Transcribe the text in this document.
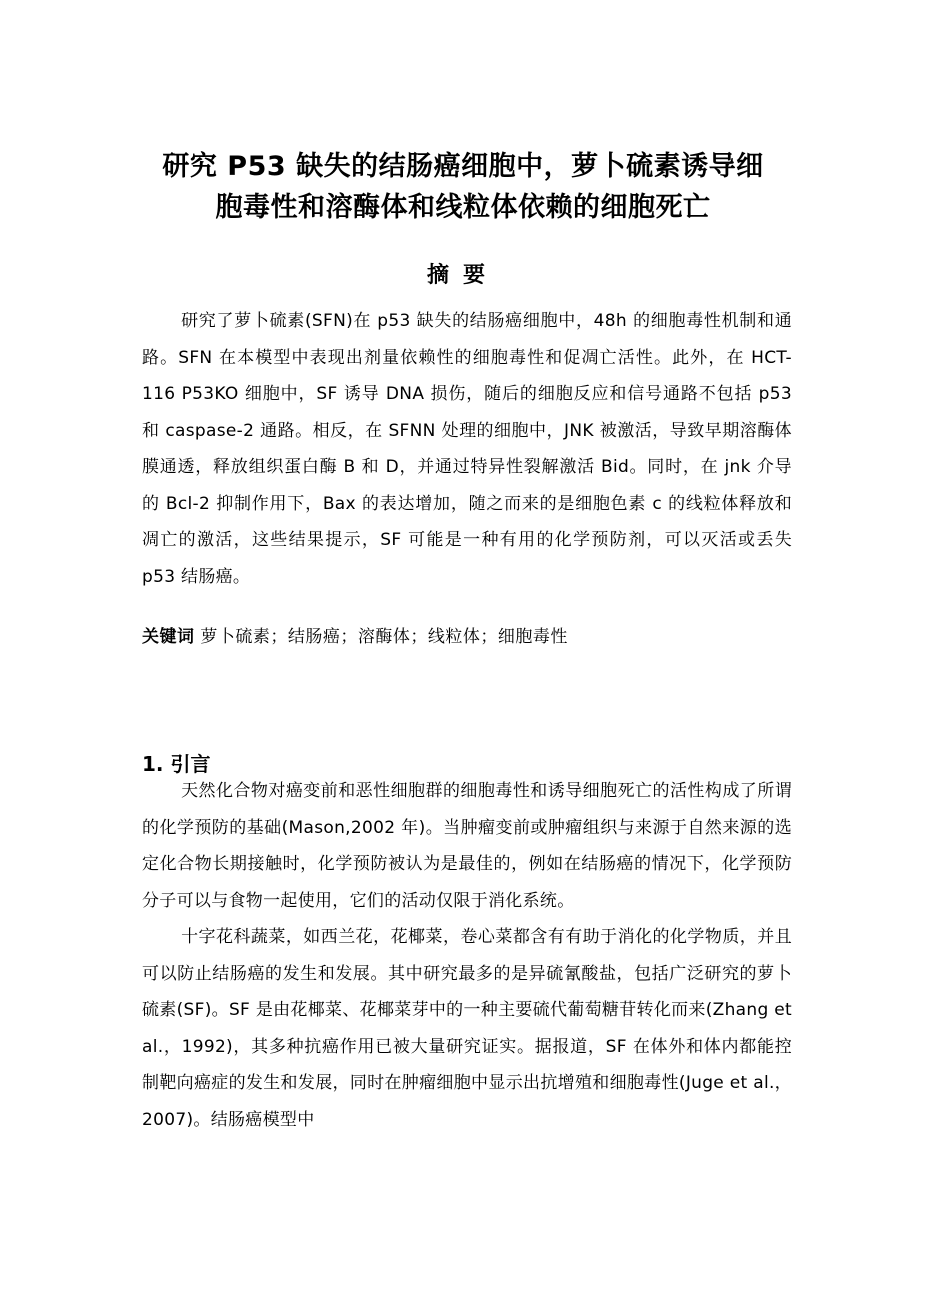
研究 P53 缺失的结肠癌细胞中，萝卜硫素诱导细
胞毒性和溶酶体和线粒体依赖的细胞死亡
摘要

研究了萝卜硫素(SFN)在 p53 缺失的结肠癌细胞中，48h 的细胞毒性机制和通路。SFN 在本模型中表现出剂量依赖性的细胞毒性和促凋亡活性。此外，在 HCT-116 P53KO 细胞中，SF 诱导 DNA 损伤，随后的细胞反应和信号通路不包括 p53 和 caspase-2 通路。相反，在 SFNN 处理的细胞中，JNK 被激活，导致早期溶酶体膜通透，释放组织蛋白酶 B 和 D，并通过特异性裂解激活 Bid。同时，在 jnk 介导的 Bcl-2 抑制作用下，Bax 的表达增加，随之而来的是细胞色素 c 的线粒体释放和凋亡的激活，这些结果提示，SF 可能是一种有用的化学预防剂，可以灭活或丢失 p53 结肠癌。

关键词 萝卜硫素；结肠癌；溶酶体；线粒体；细胞毒性
1. 引言

天然化合物对癌变前和恶性细胞群的细胞毒性和诱导细胞死亡的活性构成了所谓的化学预防的基础(Mason,2002 年)。当肿瘤变前或肿瘤组织与来源于自然来源的选定化合物长期接触时，化学预防被认为是最佳的，例如在结肠癌的情况下，化学预防分子可以与食物一起使用，它们的活动仅限于消化系统。

十字花科蔬菜，如西兰花，花椰菜，卷心菜都含有有助于消化的化学物质，并且可以防止结肠癌的发生和发展。其中研究最多的是异硫氰酸盐，包括广泛研究的萝卜硫素(SF)。SF 是由花椰菜、花椰菜芽中的一种主要硫代葡萄糖苷转化而来(Zhang et al.，1992)，其多种抗癌作用已被大量研究证实。据报道，SF 在体外和体内都能控制靶向癌症的发生和发展，同时在肿瘤细胞中显示出抗增殖和细胞毒性(Juge et al.，2007)。结肠癌模型中
